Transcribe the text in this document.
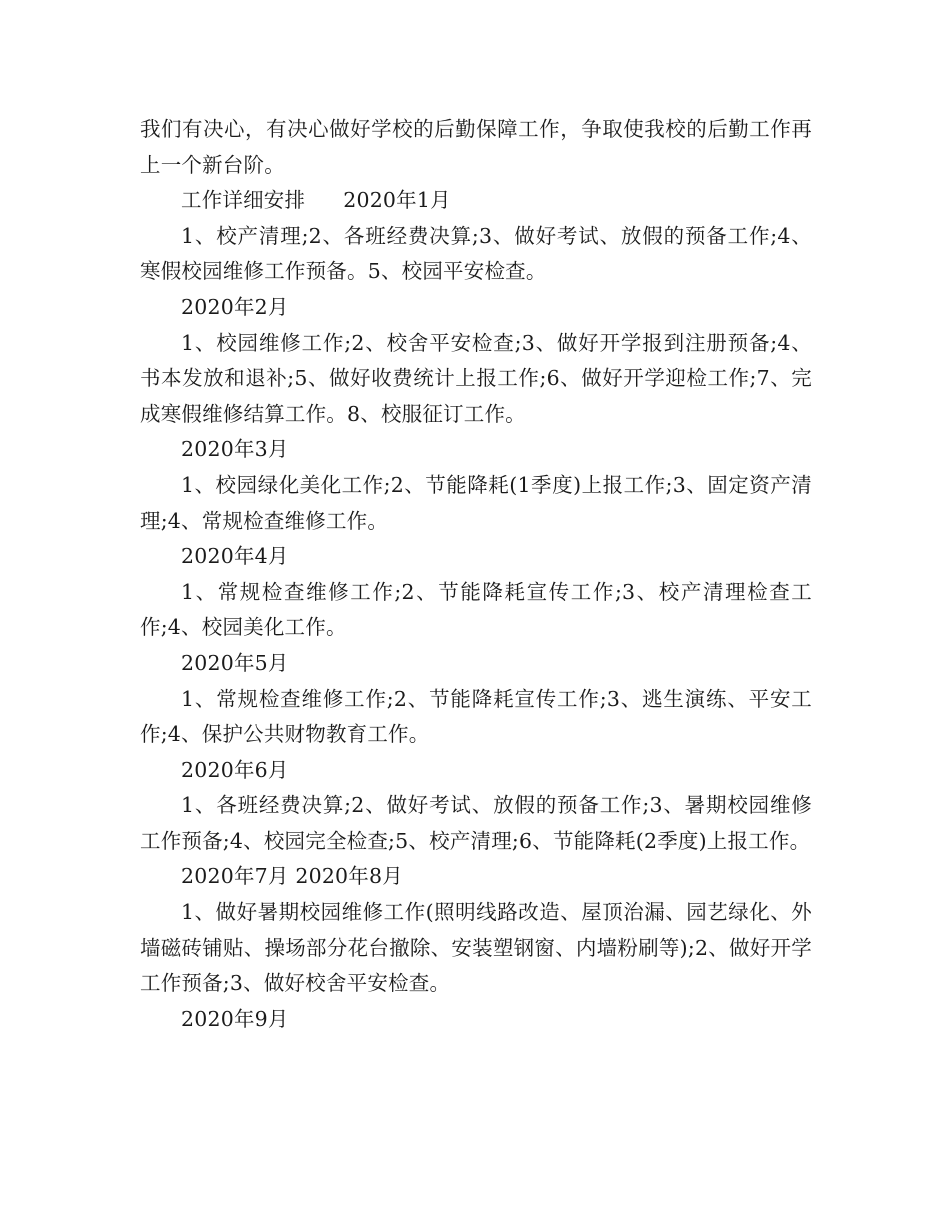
我们有决心，有决心做好学校的后勤保障工作，争取使我校的后勤工作再上一个新台阶。

工作详细安排 2020年1月

1、校产清理;2、各班经费决算;3、做好考试、放假的预备工作;4、寒假校园维修工作预备。5、校园平安检查。

2020年2月

1、校园维修工作;2、校舍平安检查;3、做好开学报到注册预备;4、书本发放和退补;5、做好收费统计上报工作;6、做好开学迎检工作;7、完成寒假维修结算工作。8、校服征订工作。

2020年3月

1、校园绿化美化工作;2、节能降耗(1季度)上报工作;3、固定资产清理;4、常规检查维修工作。

2020年4月

1、常规检查维修工作;2、节能降耗宣传工作;3、校产清理检查工作;4、校园美化工作。

2020年5月

1、常规检查维修工作;2、节能降耗宣传工作;3、逃生演练、平安工作;4、保护公共财物教育工作。

2020年6月

1、各班经费决算;2、做好考试、放假的预备工作;3、暑期校园维修工作预备;4、校园完全检查;5、校产清理;6、节能降耗(2季度)上报工作。

2020年7月 2020年8月

1、做好暑期校园维修工作(照明线路改造、屋顶治漏、园艺绿化、外墙磁砖铺贴、操场部分花台撤除、安装塑钢窗、内墙粉刷等);2、做好开学工作预备;3、做好校舍平安检查。

2020年9月
